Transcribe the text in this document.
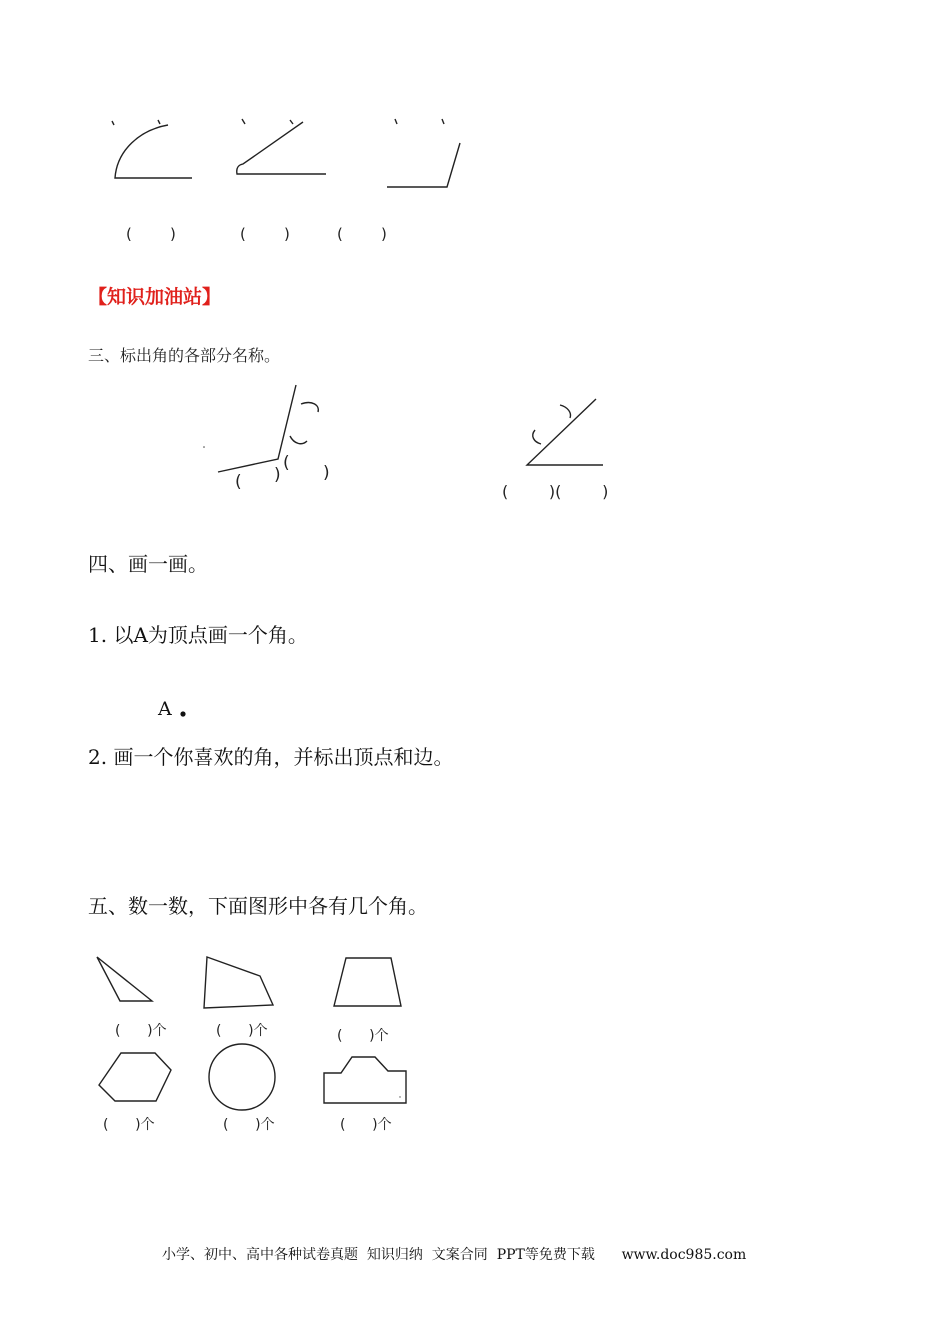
(        )	(        )	(        )
【知识加油站】
三、标出角的各部分名称。
( )
( )
(        )(        )
四、画一画。
1. 以A为顶点画一个角。
A
2. 画一个你喜欢的角，并标出顶点和边。
五、数一数，下面图形中各有几个角。
(      )个	(      )个	(      )个
(      )个	(      )个	(      )个
小学、初中、高中各种试卷真题  知识归纳  文案合同  PPT等免费下载      www.doc985.com
